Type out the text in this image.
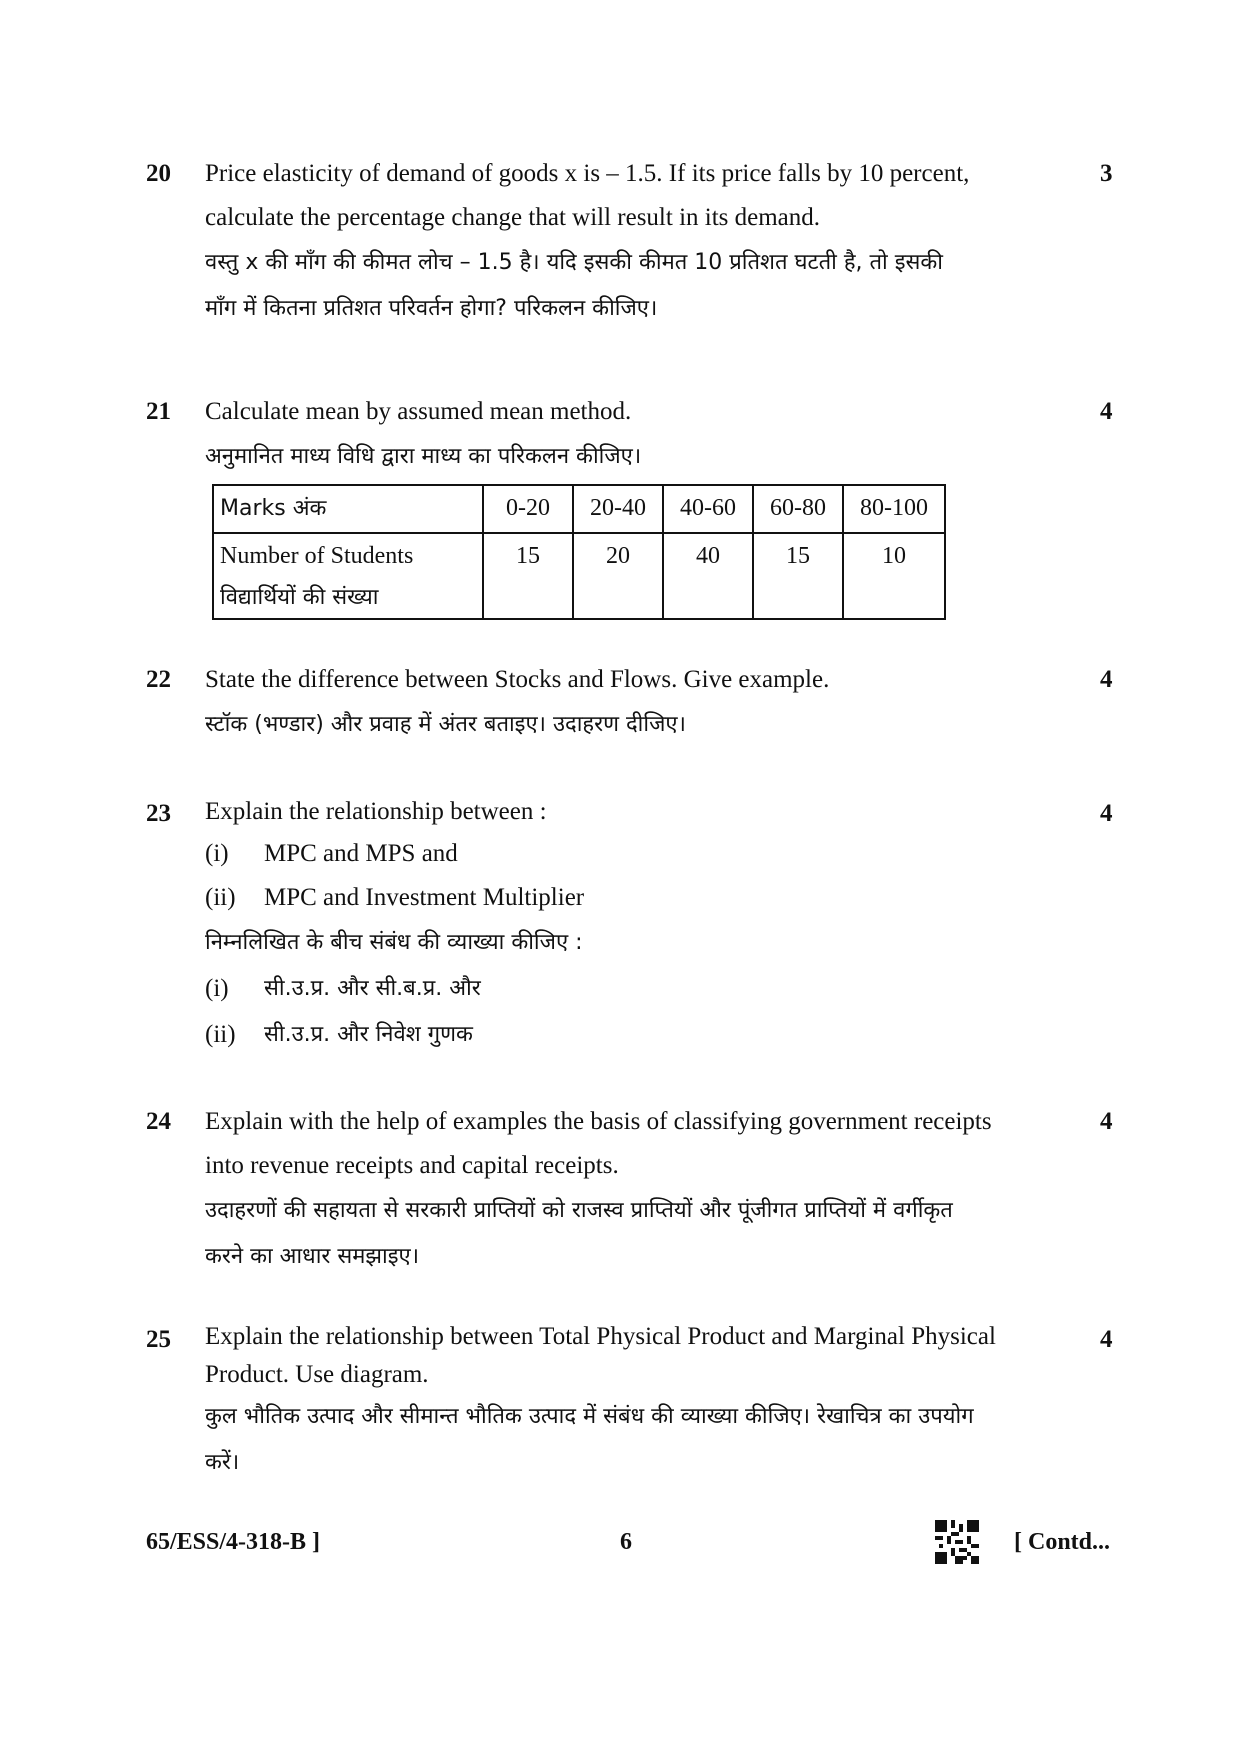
20	3

Price elasticity of demand of goods x is – 1.5. If its price falls by 10 percent,

calculate the percentage change that will result in its demand.

वस्तु x की माँग की कीमत लोच – 1.5 है। यदि इसकी कीमत 10 प्रतिशत घटती है, तो इसकी

माँग में कितना प्रतिशत परिवर्तन होगा? परिकलन कीजिए।

21	4

Calculate mean by assumed mean method.

अनुमानित माध्य विधि द्वारा माध्य का परिकलन कीजिए।

Marks अंक	0-20	20-40	40-60	60-80	80-100

Number of Students
विद्यार्थियों की संख्या	15	20	40	15	10
22	4

State the difference between Stocks and Flows. Give example.

स्टॉक (भण्डार) और प्रवाह में अंतर बताइए। उदाहरण दीजिए।

23	4

Explain the relationship between :

(i)	MPC and MPS and
(ii)	MPC and Investment Multiplier

निम्नलिखित के बीच संबंध की व्याख्या कीजिए :

(i)	सी.उ.प्र. और सी.ब.प्र. और
(ii)	सी.उ.प्र. और निवेश गुणक
24	4

Explain with the help of examples the basis of classifying government receipts

into revenue receipts and capital receipts.

उदाहरणों की सहायता से सरकारी प्राप्तियों को राजस्व प्राप्तियों और पूंजीगत प्राप्तियों में वर्गीकृत

करने का आधार समझाइए।

25	4

Explain the relationship between Total Physical Product and Marginal Physical

Product. Use diagram.

कुल भौतिक उत्पाद और सीमान्त भौतिक उत्पाद में संबंध की व्याख्या कीजिए। रेखाचित्र का उपयोग

करें।

65/ESS/4-318-B ]	6	[ Contd...
